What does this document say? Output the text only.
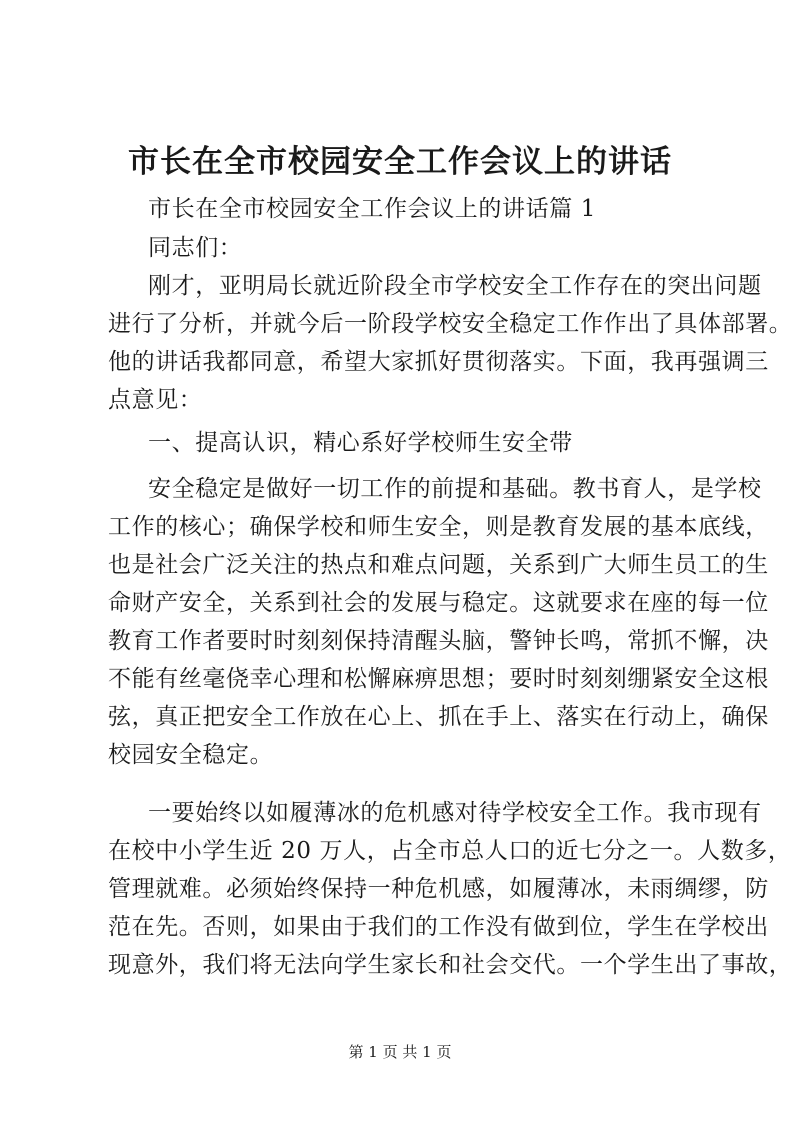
市长在全市校园安全工作会议上的讲话
市长在全市校园安全工作会议上的讲话篇 1
同志们：
刚才，亚明局长就近阶段全市学校安全工作存在的突出问题
进行了分析，并就今后一阶段学校安全稳定工作作出了具体部署。
他的讲话我都同意，希望大家抓好贯彻落实。下面，我再强调三
点意见：
一、提高认识，精心系好学校师生安全带
安全稳定是做好一切工作的前提和基础。教书育人，是学校
工作的核心；确保学校和师生安全，则是教育发展的基本底线，
也是社会广泛关注的热点和难点问题，关系到广大师生员工的生
命财产安全，关系到社会的发展与稳定。这就要求在座的每一位
教育工作者要时时刻刻保持清醒头脑，警钟长鸣，常抓不懈，决
不能有丝毫侥幸心理和松懈麻痹思想；要时时刻刻绷紧安全这根
弦，真正把安全工作放在心上、抓在手上、落实在行动上，确保
校园安全稳定。
一要始终以如履薄冰的危机感对待学校安全工作。我市现有
在校中小学生近 20 万人，占全市总人口的近七分之一。人数多，
管理就难。必须始终保持一种危机感，如履薄冰，未雨绸缪，防
范在先。否则，如果由于我们的工作没有做到位，学生在学校出
现意外，我们将无法向学生家长和社会交代。一个学生出了事故，
第 1 页 共 1 页
